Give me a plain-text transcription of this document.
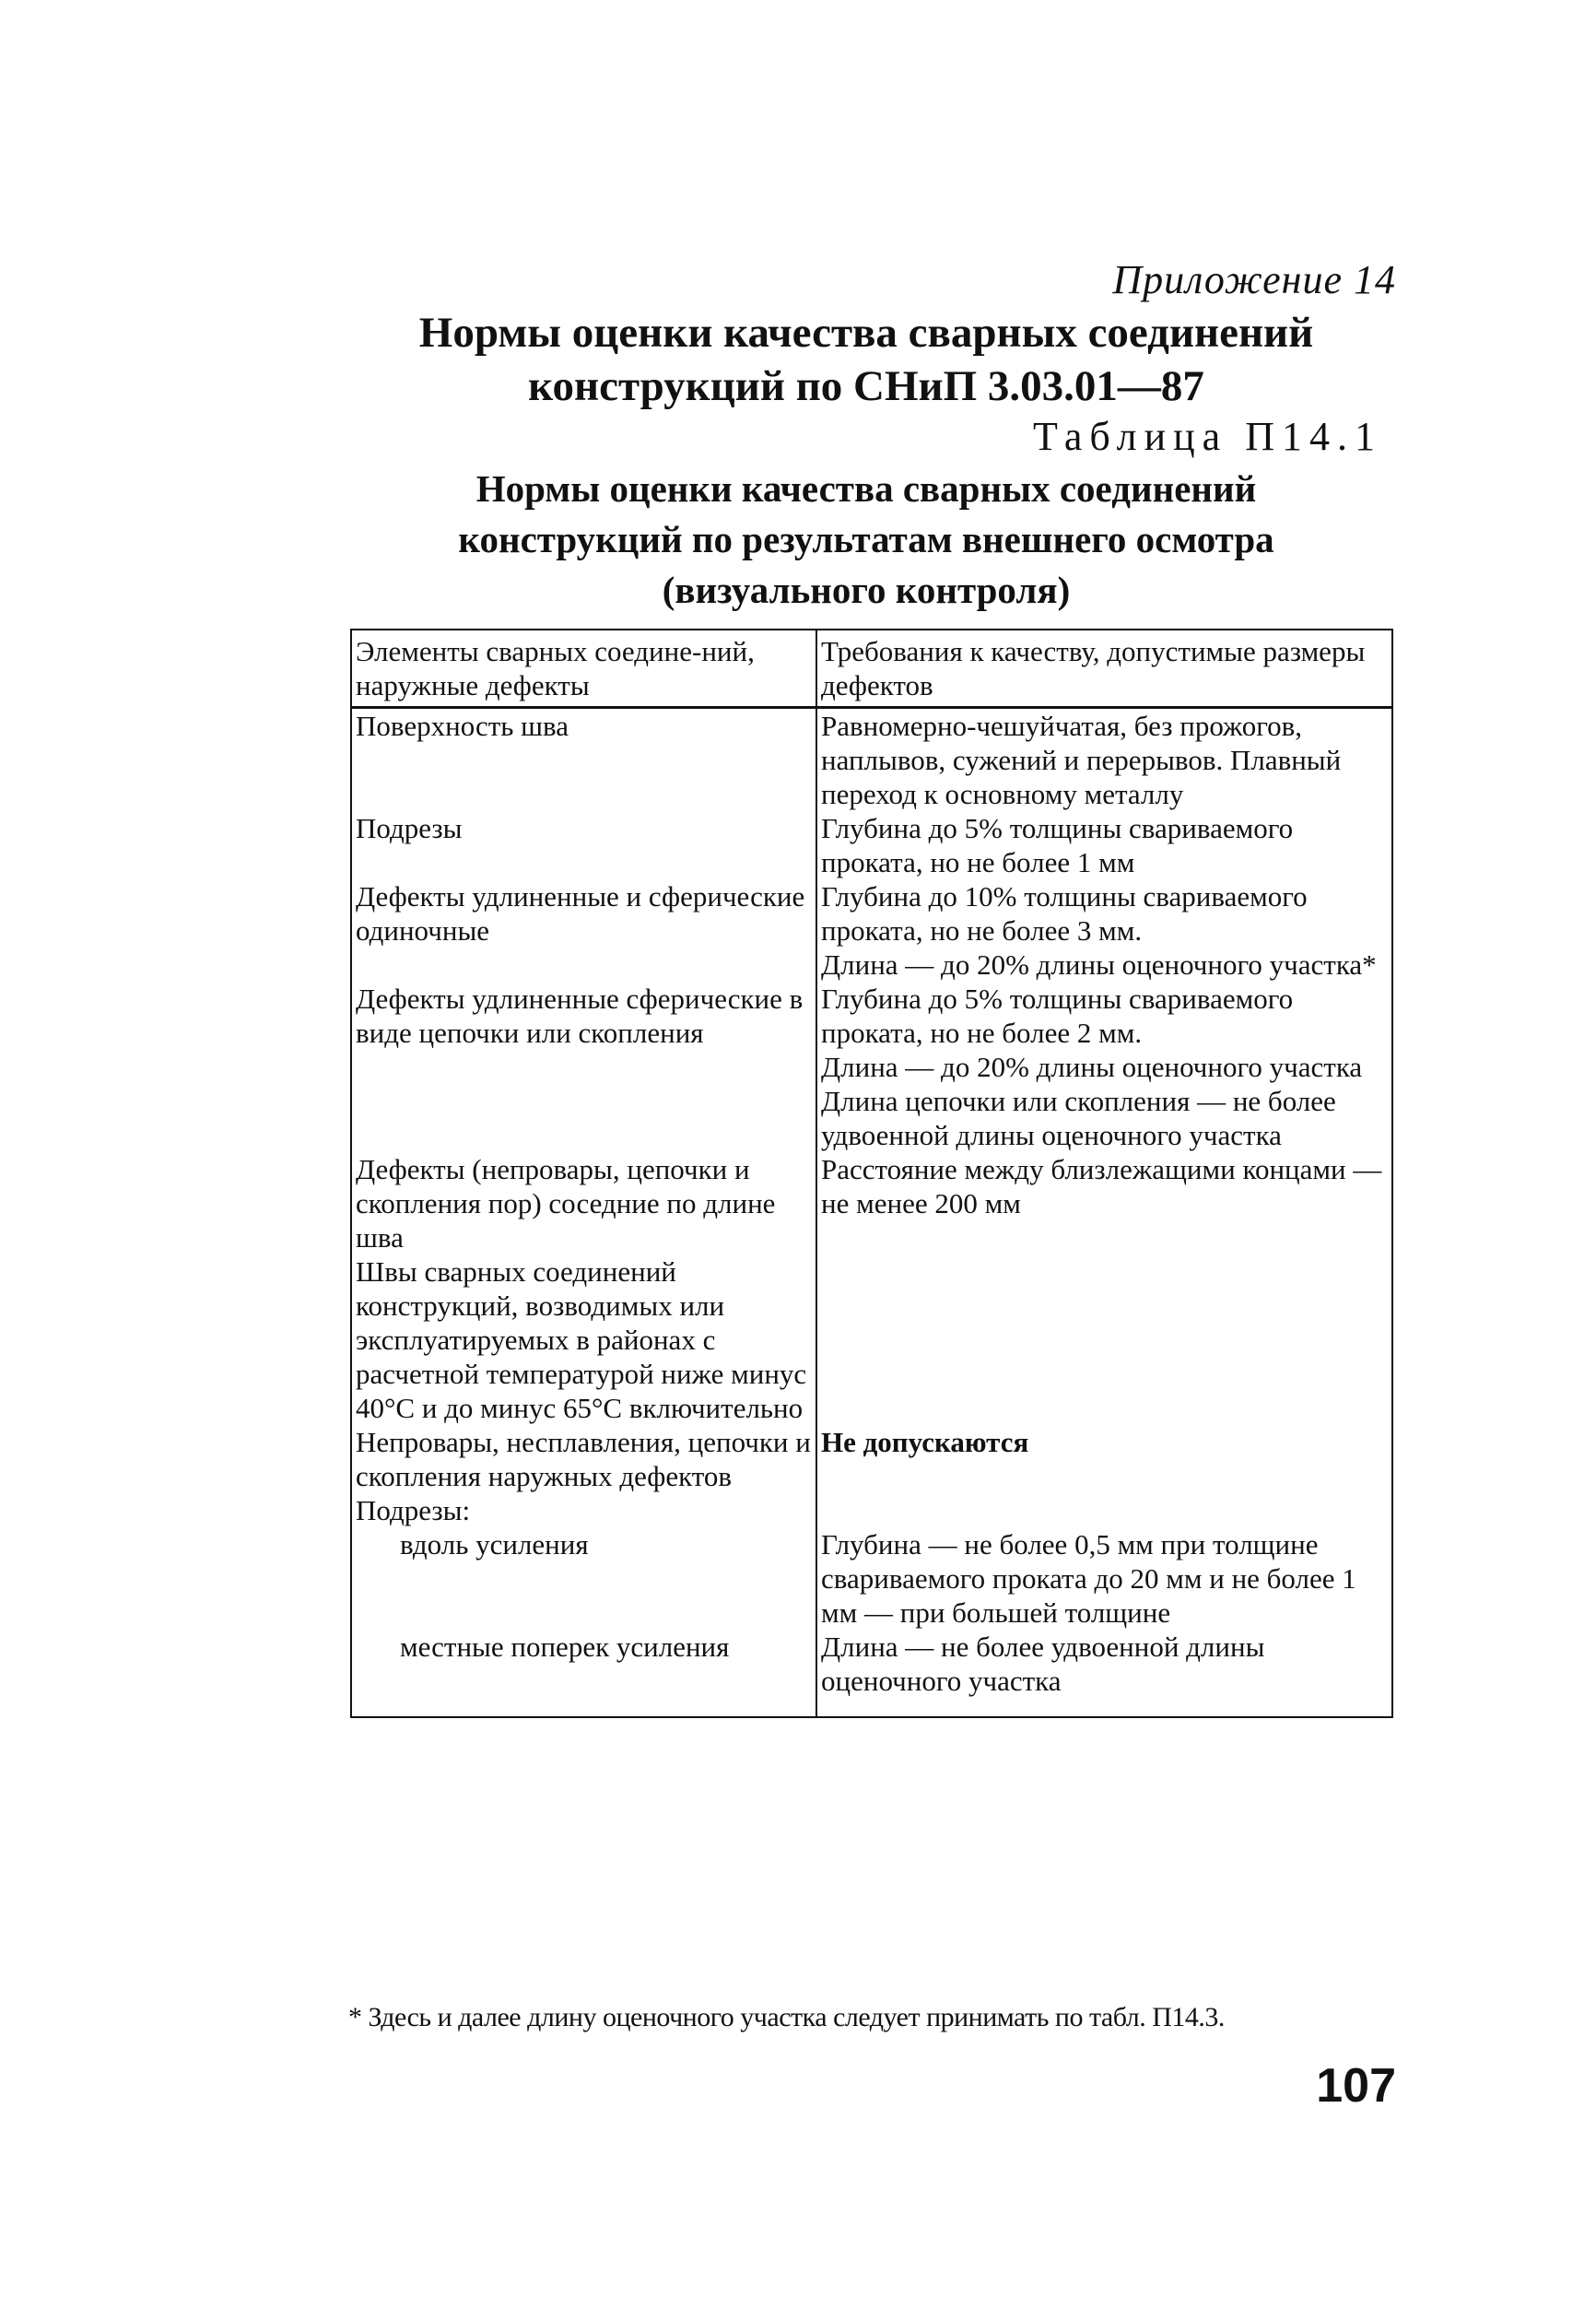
Приложение 14
Нормы оценки качества сварных соединений
конструкций по СНиП 3.03.01—87
Таблица П14.1
Нормы оценки качества сварных соединений
конструкций по результатам внешнего осмотра
(визуального контроля)
Элементы сварных соедине-ний, наружные дефекты	Требования к качеству, допустимые размеры дефектов
Поверхность шва	Равномерно-чешуйчатая, без прожогов, наплывов, сужений и перерывов. Плавный переход к основному металлу

Подрезы	Глубина до 5% толщины свариваемого проката, но не более 1 мм

Дефекты удлиненные и сферические одиночные	Глубина до 10% толщины свариваемого проката, но не более 3 мм.
Длина — до 20% длины оценочного участка*

Дефекты удлиненные сферические в виде цепочки или скопления	Глубина до 5% толщины свариваемого проката, но не более 2 мм.
Длина — до 20% длины оценочного участка
Длина цепочки или скопления — не более удвоенной длины оценочного участка

Дефекты (непровары, цепочки и скопления пор) соседние по длине шва	Расстояние между близлежащими концами — не менее 200 мм

Швы сварных соединений конструкций, возводимых или эксплуатируемых в районах с расчетной температурой ниже минус 40°C и до минус 65°C включительно	

Непровары, несплавления, цепочки и скопления наружных дефектов	Не допускаются

Подрезы:	

вдоль усиления	Глубина — не более 0,5 мм при толщине свариваемого проката до 20 мм и не более 1 мм — при большей толщине

местные поперек усиления	Длина — не более удвоенной длины оценочного участка
* Здесь и далее длину оценочного участка следует принимать по табл. П14.3.
107
